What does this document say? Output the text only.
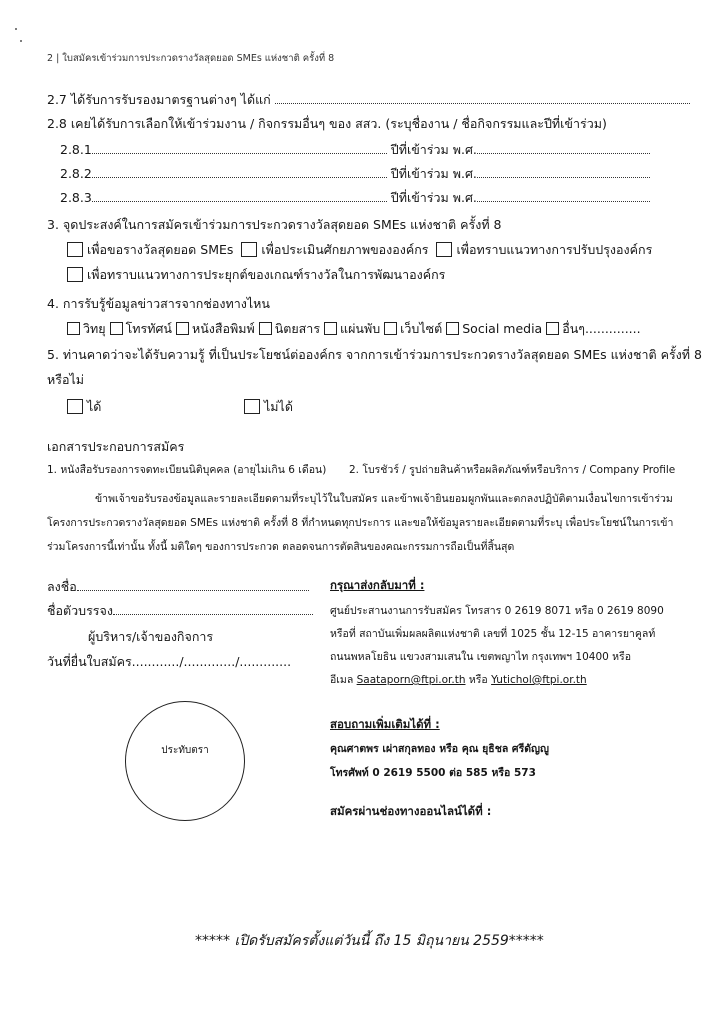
2 | ใบสมัครเข้าร่วมการประกวดรางวัลสุดยอด SMEs แห่งชาติ ครั้งที่ 8
2.7 ได้รับการรับรองมาตรฐานต่างๆ ได้แก่
2.8 เคยได้รับการเลือกให้เข้าร่วมงาน / กิจกรรมอื่นๆ ของ สสว. (ระบุชื่องาน / ชื่อกิจกรรมและปีที่เข้าร่วม)
2.8.1	ปีที่เข้าร่วม พ.ศ.
2.8.2	ปีที่เข้าร่วม พ.ศ.
2.8.3	ปีที่เข้าร่วม พ.ศ.
3. จุดประสงค์ในการสมัครเข้าร่วมการประกวดรางวัลสุดยอด SMEs แห่งชาติ ครั้งที่ 8
เพื่อขอรางวัลสุดยอด SMEs เพื่อประเมินศักยภาพขององค์กร เพื่อทราบแนวทางการปรับปรุงองค์กร
เพื่อทราบแนวทางการประยุกต์ของเกณฑ์รางวัลในการพัฒนาองค์กร
4. การรับรู้ข้อมูลข่าวสารจากช่องทางไหน
วิทยุ โทรทัศน์ หนังสือพิมพ์ นิตยสาร แผ่นพับ เว็บไซต์ Social media อื่นๆ..............
5. ท่านคาดว่าจะได้รับความรู้ ที่เป็นประโยชน์ต่อองค์กร จากการเข้าร่วมการประกวดรางวัลสุดยอด SMEs แห่งชาติ ครั้งที่ 8
หรือไม่
ได้	ไม่ได้
เอกสารประกอบการสมัคร
1. หนังสือรับรองการจดทะเบียนนิติบุคคล (อายุไม่เกิน 6 เดือน) 2. โบรชัวร์ / รูปถ่ายสินค้าหรือผลิตภัณฑ์หรือบริการ / Company Profile
ข้าพเจ้าขอรับรองข้อมูลและรายละเอียดตามที่ระบุไว้ในใบสมัคร และข้าพเจ้ายินยอมผูกพันและตกลงปฏิบัติตามเงื่อนไขการเข้าร่วม
โครงการประกวดรางวัลสุดยอด SMEs แห่งชาติ ครั้งที่ 8 ที่กำหนดทุกประการ และขอให้ข้อมูลรายละเอียดตามที่ระบุ เพื่อประโยชน์ในการเข้า
ร่วมโครงการนี้เท่านั้น ทั้งนี้ มติใดๆ ของการประกวด ตลอดจนการตัดสินของคณะกรรมการถือเป็นที่สิ้นสุด
ลงชื่อ
ชื่อตัวบรรจง
ผู้บริหาร/เจ้าของกิจการ
วันที่ยื่นใบสมัคร............/............./.............
ประทับตรา
กรุณาส่งกลับมาที่ :
ศูนย์ประสานงานการรับสมัคร โทรสาร 0 2619 8071 หรือ 0 2619 8090
หรือที่ สถาบันเพิ่มผลผลิตแห่งชาติ เลขที่ 1025 ชั้น 12-15 อาคารยาคูลท์
ถนนพหลโยธิน แขวงสามเสนใน เขตพญาไท กรุงเทพฯ 10400 หรือ
อีเมล Saataporn@ftpi.or.th หรือ Yutichol@ftpi.or.th
สอบถามเพิ่มเติมได้ที่ :
คุณศาตพร เผ่าสกุลทอง หรือ คุณ ยุธิชล ศรีดัญญู
โทรศัพท์ 0 2619 5500 ต่อ 585 หรือ 573
สมัครผ่านช่องทางออนไลน์ได้ที่ :
***** เปิดรับสมัครตั้งแต่วันนี้ ถึง 15 มิถุนายน 2559*****
